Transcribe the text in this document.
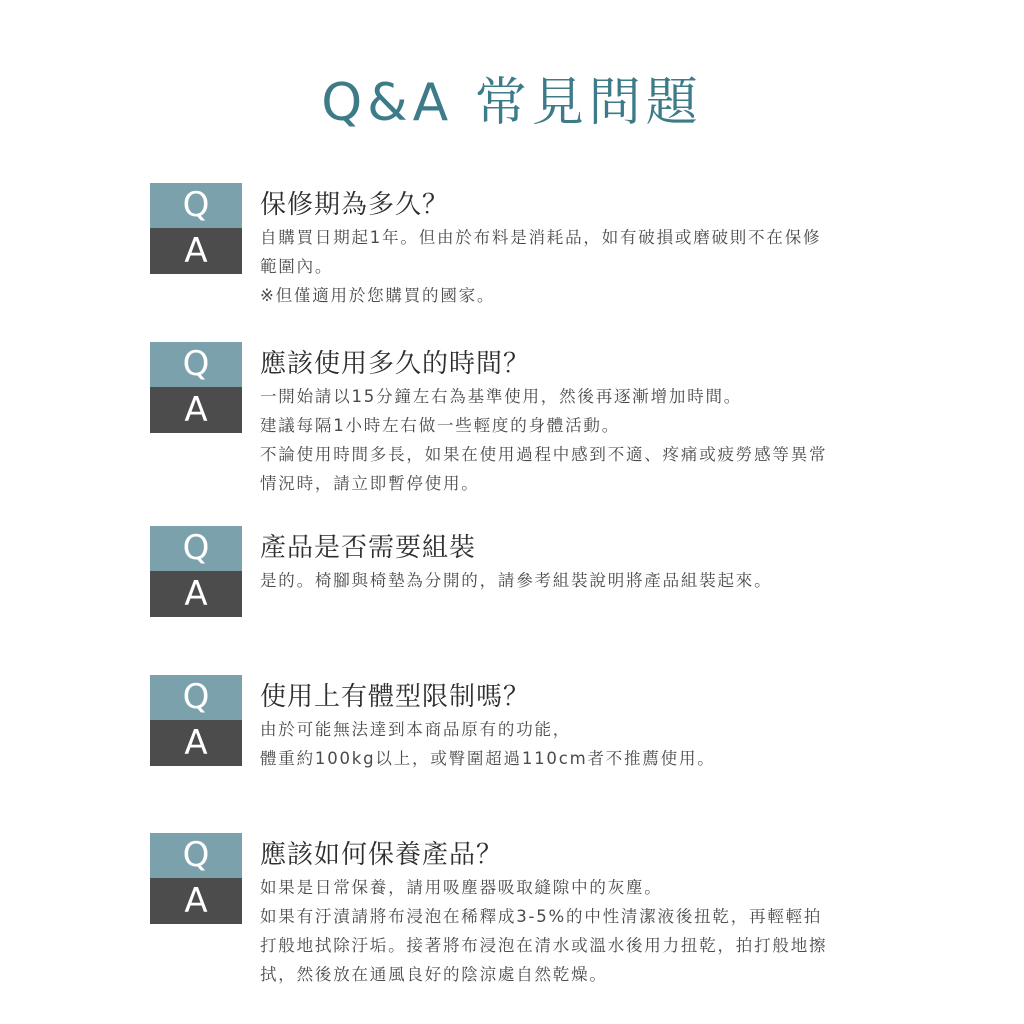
Q&A 常見問題
Q
A
保修期為多久？
自購買日期起1年。但由於布料是消耗品，如有破損或磨破則不在保修
範圍內。
※但僅適用於您購買的國家。
Q
A
應該使用多久的時間？
一開始請以15分鐘左右為基準使用，然後再逐漸增加時間。
建議每隔1小時左右做一些輕度的身體活動。
不論使用時間多長，如果在使用過程中感到不適、疼痛或疲勞感等異常
情況時，請立即暫停使用。
Q
A
產品是否需要組裝
是的。椅腳與椅墊為分開的，請參考組裝說明將產品組裝起來。
Q
A
使用上有體型限制嗎？
由於可能無法達到本商品原有的功能，
體重約100kg以上，或臀圍超過110cm者不推薦使用。
Q
A
應該如何保養產品？
如果是日常保養，請用吸塵器吸取縫隙中的灰塵。
如果有汙漬請將布浸泡在稀釋成3-5%的中性清潔液後扭乾，再輕輕拍
打般地拭除汙垢。接著將布浸泡在清水或溫水後用力扭乾，拍打般地擦
拭，然後放在通風良好的陰涼處自然乾燥。
